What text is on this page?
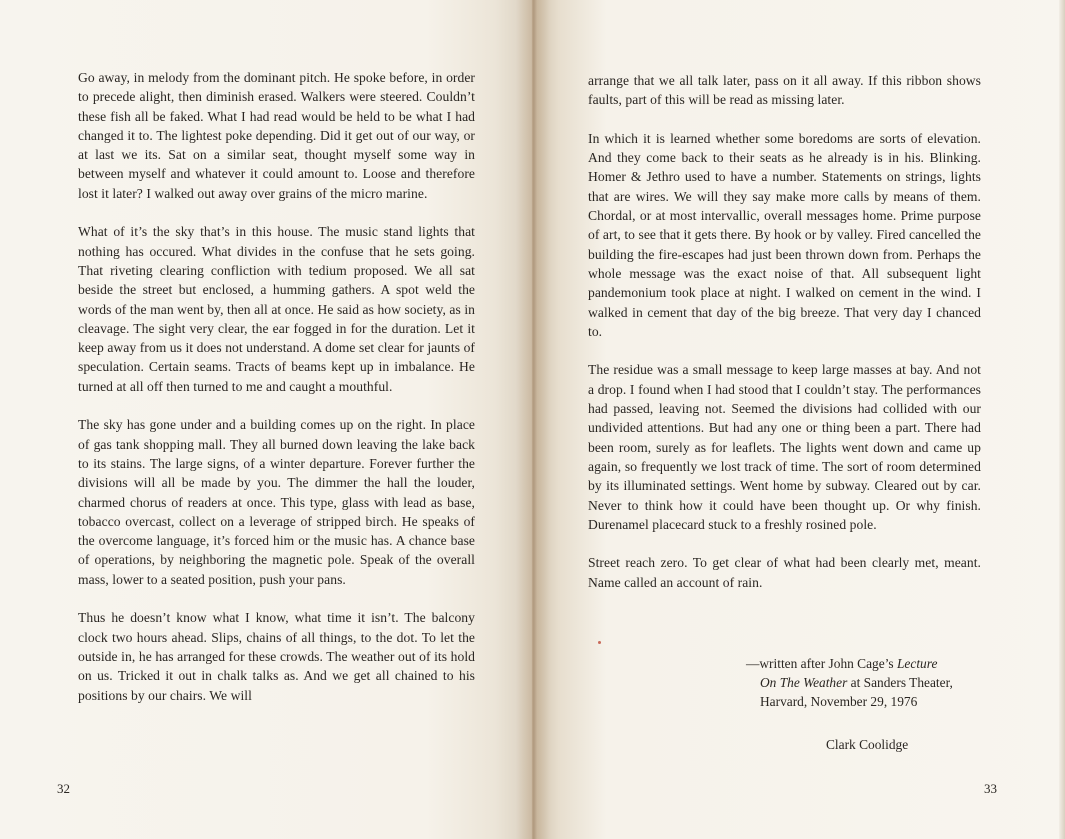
Go away, in melody from the dominant pitch. He spoke before, in order to precede alight, then diminish erased. Walkers were steered. Couldn’t these fish all be faked. What I had read would be held to be what I had changed it to. The lightest poke depending. Did it get out of our way, or at last we its. Sat on a similar seat, thought myself some way in between myself and whatever it could amount to. Loose and therefore lost it later? I walked out away over grains of the micro marine.

What of it’s the sky that’s in this house. The music stand lights that nothing has occured. What divides in the confuse that he sets going. That riveting clearing confliction with tedium proposed. We all sat beside the street but enclosed, a humming gathers. A spot weld the words of the man went by, then all at once. He said as how society, as in cleavage. The sight very clear, the ear fogged in for the duration. Let it keep away from us it does not understand. A dome set clear for jaunts of speculation. Certain seams. Tracts of beams kept up in imbalance. He turned at all off then turned to me and caught a mouthful.

The sky has gone under and a building comes up on the right. In place of gas tank shopping mall. They all burned down leaving the lake back to its stains. The large signs, of a winter departure. Forever further the divisions will all be made by you. The dimmer the hall the louder, charmed chorus of readers at once. This type, glass with lead as base, tobacco overcast, collect on a leverage of stripped birch. He speaks of the overcome language, it’s forced him or the music has. A chance base of operations, by neighboring the magnetic pole. Speak of the overall mass, lower to a seated position, push your pans.

Thus he doesn’t know what I know, what time it isn’t. The balcony clock two hours ahead. Slips, chains of all things, to the dot. To let the outside in, he has arranged for these crowds. The weather out of its hold on us. Tricked it out in chalk talks as. And we get all chained to his positions by our chairs. We will

32

arrange that we all talk later, pass on it all away. If this ribbon shows faults, part of this will be read as missing later.

In which it is learned whether some boredoms are sorts of elevation. And they come back to their seats as he already is in his. Blinking. Homer & Jethro used to have a number. Statements on strings, lights that are wires. We will they say make more calls by means of them. Chordal, or at most intervallic, overall messages home. Prime purpose of art, to see that it gets there. By hook or by valley. Fired cancelled the building the fire-escapes had just been thrown down from. Perhaps the whole message was the exact noise of that. All subsequent light pandemonium took place at night. I walked on cement in the wind. I walked in cement that day of the big breeze. That very day I chanced to.

The residue was a small message to keep large masses at bay. And not a drop. I found when I had stood that I couldn’t stay. The performances had passed, leaving not. Seemed the divisions had collided with our undivided attentions. But had any one or thing been a part. There had been room, surely as for leaflets. The lights went down and came up again, so frequently we lost track of time. The sort of room determined by its illuminated settings. Went home by subway. Cleared out by car. Never to think how it could have been thought up. Or why finish. Durenamel placecard stuck to a freshly rosined pole.

Street reach zero. To get clear of what had been clearly met, meant. Name called an account of rain.

—written after John Cage’s Lecture
On The Weather at Sanders Theater,
Harvard, November 29, 1976
Clark Coolidge
33
